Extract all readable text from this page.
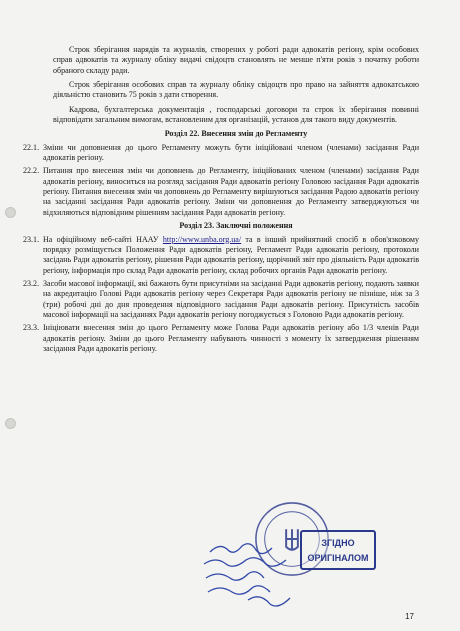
Строк зберігання нарядів та журналів, створених у роботі ради адвокатів регіону, крім особових справ адвокатів та журналу обліку видачі свідоцтв становлять не менше п'яти років з початку роботи обраного складу ради.

Строк зберігання особових справ та журналу обліку свідоцтв про право на зайняття адвокатською діяльністю становить 75 років з дати створення.

Кадрова, бухгалтерська документація , господарські договори та строк їх зберігання повинні відповідати загальним вимогам, встановленим для організацій, установ для такого виду документів.

Розділ 22. Внесення змін до Регламенту

22.1. Зміни чи доповнення до цього Регламенту можуть бути ініційовані членом (членами) засідання Ради адвокатів регіону.
22.2. Питання про внесення змін чи доповнень до Регламенту, ініційованих членом (членами) засідання Ради адвокатів регіону, виноситься на розгляд засідання Ради адвокатів регіону Головою засідання Ради адвокатів регіону. Питання внесення змін чи доповнень до Регламенту вирішуються засідання Радою адвокатів регіону на засіданні засідання Ради адвокатів регіону. Зміни чи доповнення до Регламенту затверджуються чи відхиляються відповідним рішенням засідання Ради адвокатів регіону.

Розділ 23. Заключні положення

23.1. На офіційному веб-сайті НААУ http://www.unba.org.ua/ та в інший прийнятний спосіб в обов'язковому порядку розміщується Положення Ради адвокатів регіону, Регламент Ради адвокатів регіону, протоколи засідань Ради адвокатів регіону, рішення Ради адвокатів регіону, щорічний звіт про діяльність Ради адвокатів регіону, інформація про склад Ради адвокатів регіону, склад робочих органів Ради адвокатів регіону.
23.2. Засоби масової інформації, які бажають бути присутніми на засіданні Ради адвокатів регіону, подають заявки на акредитацію Голові Ради адвокатів регіону через Секретаря Ради адвокатів регіону не пізніше, ніж за 3 (три) робочі дні до дня проведення відповідного засідання Ради адвокатів регіону. Присутність засобів масової інформації на засіданнях Ради адвокатів регіону погоджується з Головою Ради адвокатів регіону.
23.3. Ініціювати внесення змін до цього Регламенту може Голова Ради адвокатів регіону або 1/3 членів Ради адвокатів регіону. Зміни до цього Регламенту набувають чинності з моменту їх затвердження рішенням засідання Ради адвокатів регіону.
ЗГІДНО
ОРИГІНАЛОМ
17
